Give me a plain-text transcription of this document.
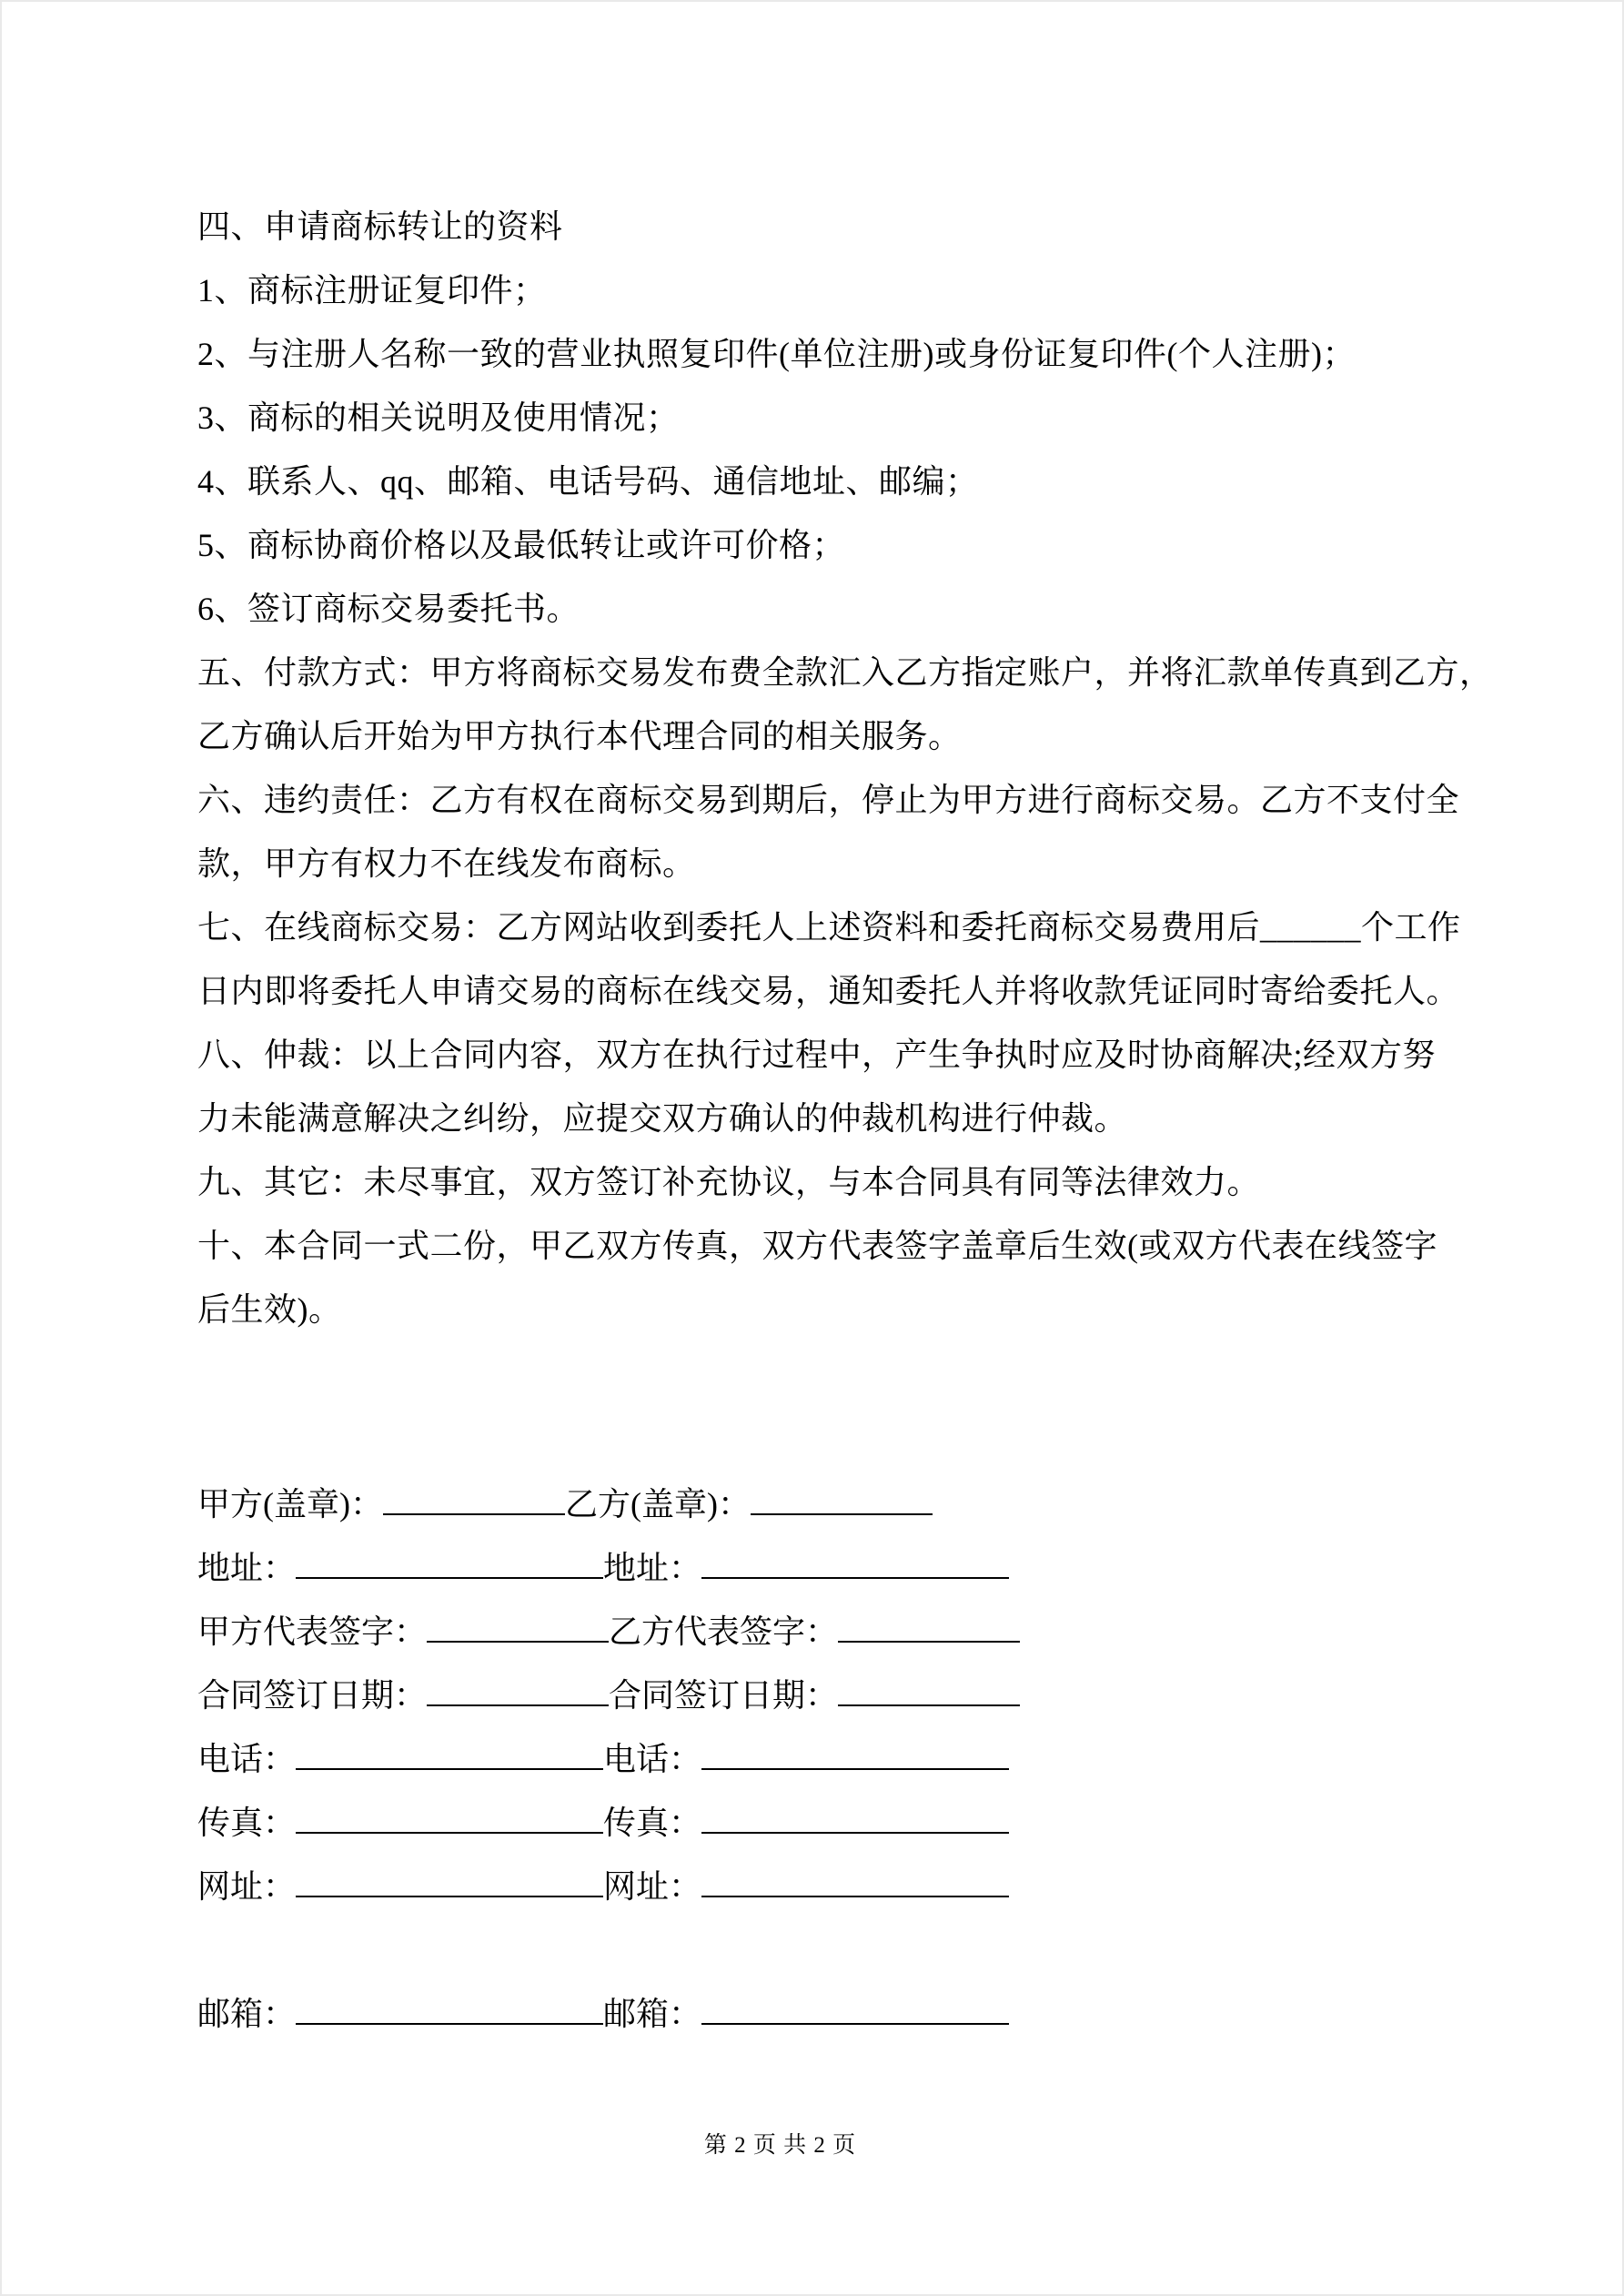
四、申请商标转让的资料
1、商标注册证复印件；
2、与注册人名称一致的营业执照复印件(单位注册)或身份证复印件(个人注册)；
3、商标的相关说明及使用情况；
4、联系人、qq、邮箱、电话号码、通信地址、邮编；
5、商标协商价格以及最低转让或许可价格；
6、签订商标交易委托书。
五、付款方式：甲方将商标交易发布费全款汇入乙方指定账户，并将汇款单传真到乙方，
乙方确认后开始为甲方执行本代理合同的相关服务。
六、违约责任：乙方有权在商标交易到期后，停止为甲方进行商标交易。乙方不支付全
款，甲方有权力不在线发布商标。
七、在线商标交易：乙方网站收到委托人上述资料和委托商标交易费用后______个工作
日内即将委托人申请交易的商标在线交易，通知委托人并将收款凭证同时寄给委托人。
八、仲裁：以上合同内容，双方在执行过程中，产生争执时应及时协商解决;经双方努
力未能满意解决之纠纷，应提交双方确认的仲裁机构进行仲裁。
九、其它：未尽事宜，双方签订补充协议，与本合同具有同等法律效力。
十、本合同一式二份，甲乙双方传真，双方代表签字盖章后生效(或双方代表在线签字
后生效)。
甲方(盖章)：	乙方(盖章)：
地址：	地址：
甲方代表签字：	乙方代表签字：
合同签订日期：	合同签订日期：
电话：	电话：
传真：	传真：
网址：	网址：
邮箱：	邮箱：
第 2 页 共 2 页
